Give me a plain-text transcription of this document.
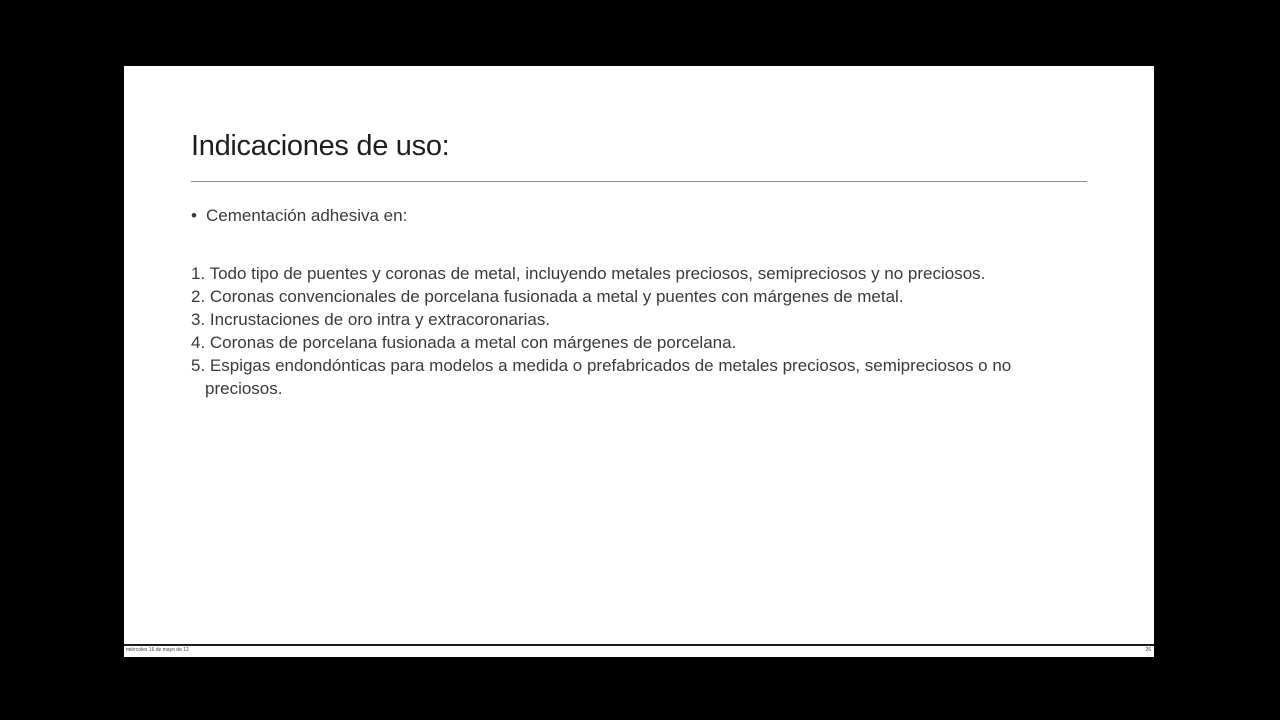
Indicaciones de uso:
• Cementación adhesiva en:
1. Todo tipo de puentes y coronas de metal, incluyendo metales preciosos, semipreciosos y no preciosos.
2. Coronas convencionales de porcelana fusionada a metal y puentes con márgenes de metal.
3. Incrustaciones de oro intra y extracoronarias.
4. Coronas de porcelana fusionada a metal con márgenes de porcelana.
5. Espigas endondónticas para modelos a medida o prefabricados de metales preciosos, semipreciosos o no preciosos.
miércoles 16 de mayo de 12	26
